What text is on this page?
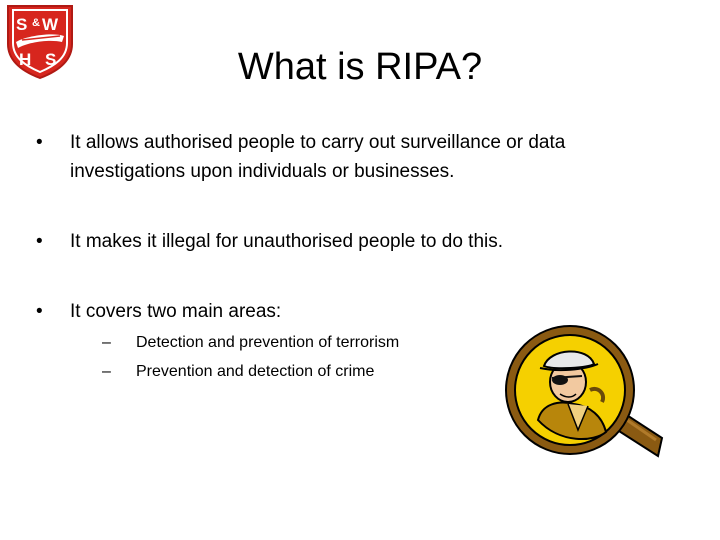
S & W
H S	What is RIPA?
• It allows authorised people to carry out surveillance or data investigations upon individuals or businesses.
• It makes it illegal for unauthorised people to do this.
• It covers two main areas:
– Detection and prevention of terrorism
– Prevention and detection of crime
